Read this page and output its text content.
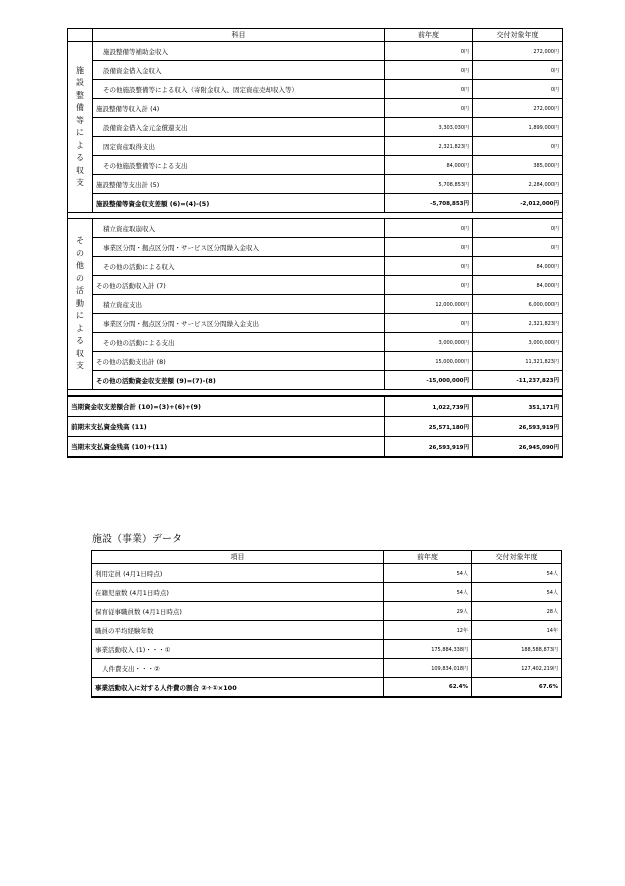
	科目	前年度	交付対象年度
施設整備等による収支	施設整備等補助金収入	0円	272,000円
	設備資金借入金収入	0円	0円
	その他施設整備等による収入（寄附金収入、固定資産売却収入等）	0円	0円
	施設整備等収入計 (4)	0円	272,000円
	設備資金借入金元金償還支出	3,303,030円	1,899,000円
	固定資産取得支出	2,321,823円	0円
	その他施設整備等による支出	84,000円	385,000円
	施設整備等支出計 (5)	5,708,853円	2,284,000円
	施設整備等資金収支差額 (6)=(4)-(5)	-5,708,853円	-2,012,000円

その他の活動による収支	積立資産取崩収入	0円	0円
	事業区分間・拠点区分間・サービス区分間繰入金収入	0円	0円
	その他の活動による収入	0円	84,000円
	その他の活動収入計 (7)	0円	84,000円
	積立資産支出	12,000,000円	6,000,000円
	事業区分間・拠点区分間・サービス区分間繰入金支出	0円	2,321,823円
	その他の活動による支出	3,000,000円	3,000,000円
	その他の活動支出計 (8)	15,000,000円	11,321,823円
	その他の活動資金収支差額 (9)=(7)-(8)	-15,000,000円	-11,237,823円

当期資金収支差額合計 (10)=(3)+(6)+(9)		1,022,739円	351,171円
前期末支払資金残高 (11)		25,571,180円	26,593,919円
当期末支払資金残高 (10)+(11)		26,593,919円	26,945,090円
施設（事業）データ
項目	前年度	交付対象年度
利用定員 (4月1日時点)	54人	54人
在籍児童数 (4月1日時点)	54人	54人
保育従事職員数 (4月1日時点)	29人	28人
職員の平均経験年数	12年	14年
事業活動収入 (1)・・・①	175,884,338円	188,588,873円
人件費支出・・・②	109,834,018円	127,402,219円
事業活動収入に対する人件費の割合 ②÷①×100	62.4%	67.6%
